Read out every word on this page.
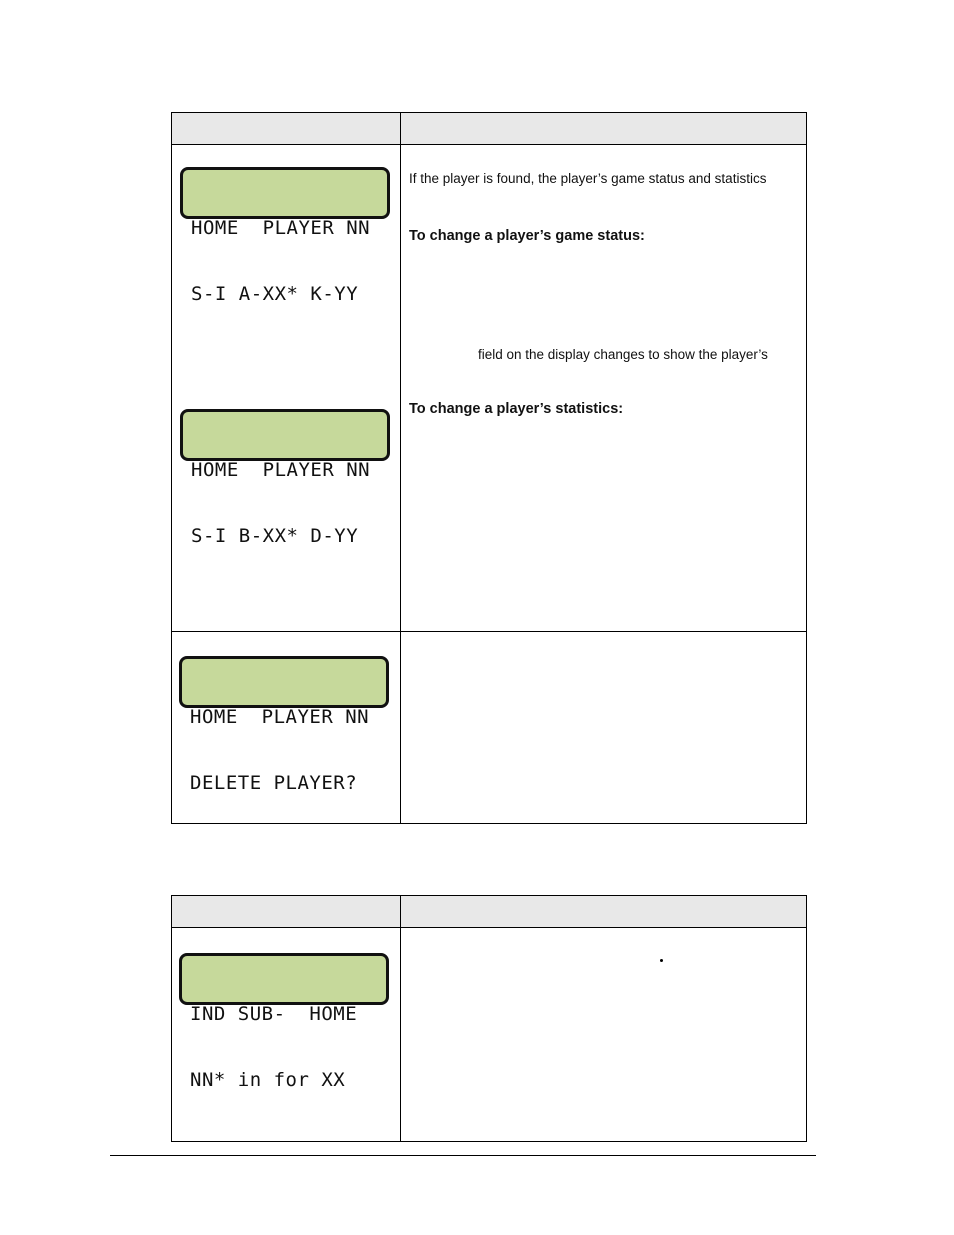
HOME  PLAYER NN

S-I A-XX* K-YY

HOME  PLAYER NN

S-I B-XX* D-YY

If the player is found, the player’s game status and statistics
To change a player’s game status:
field on the display changes to show the player’s
To change a player’s statistics:

HOME  PLAYER NN

DELETE PLAYER?

IND SUB-  HOME

NN* in for XX
